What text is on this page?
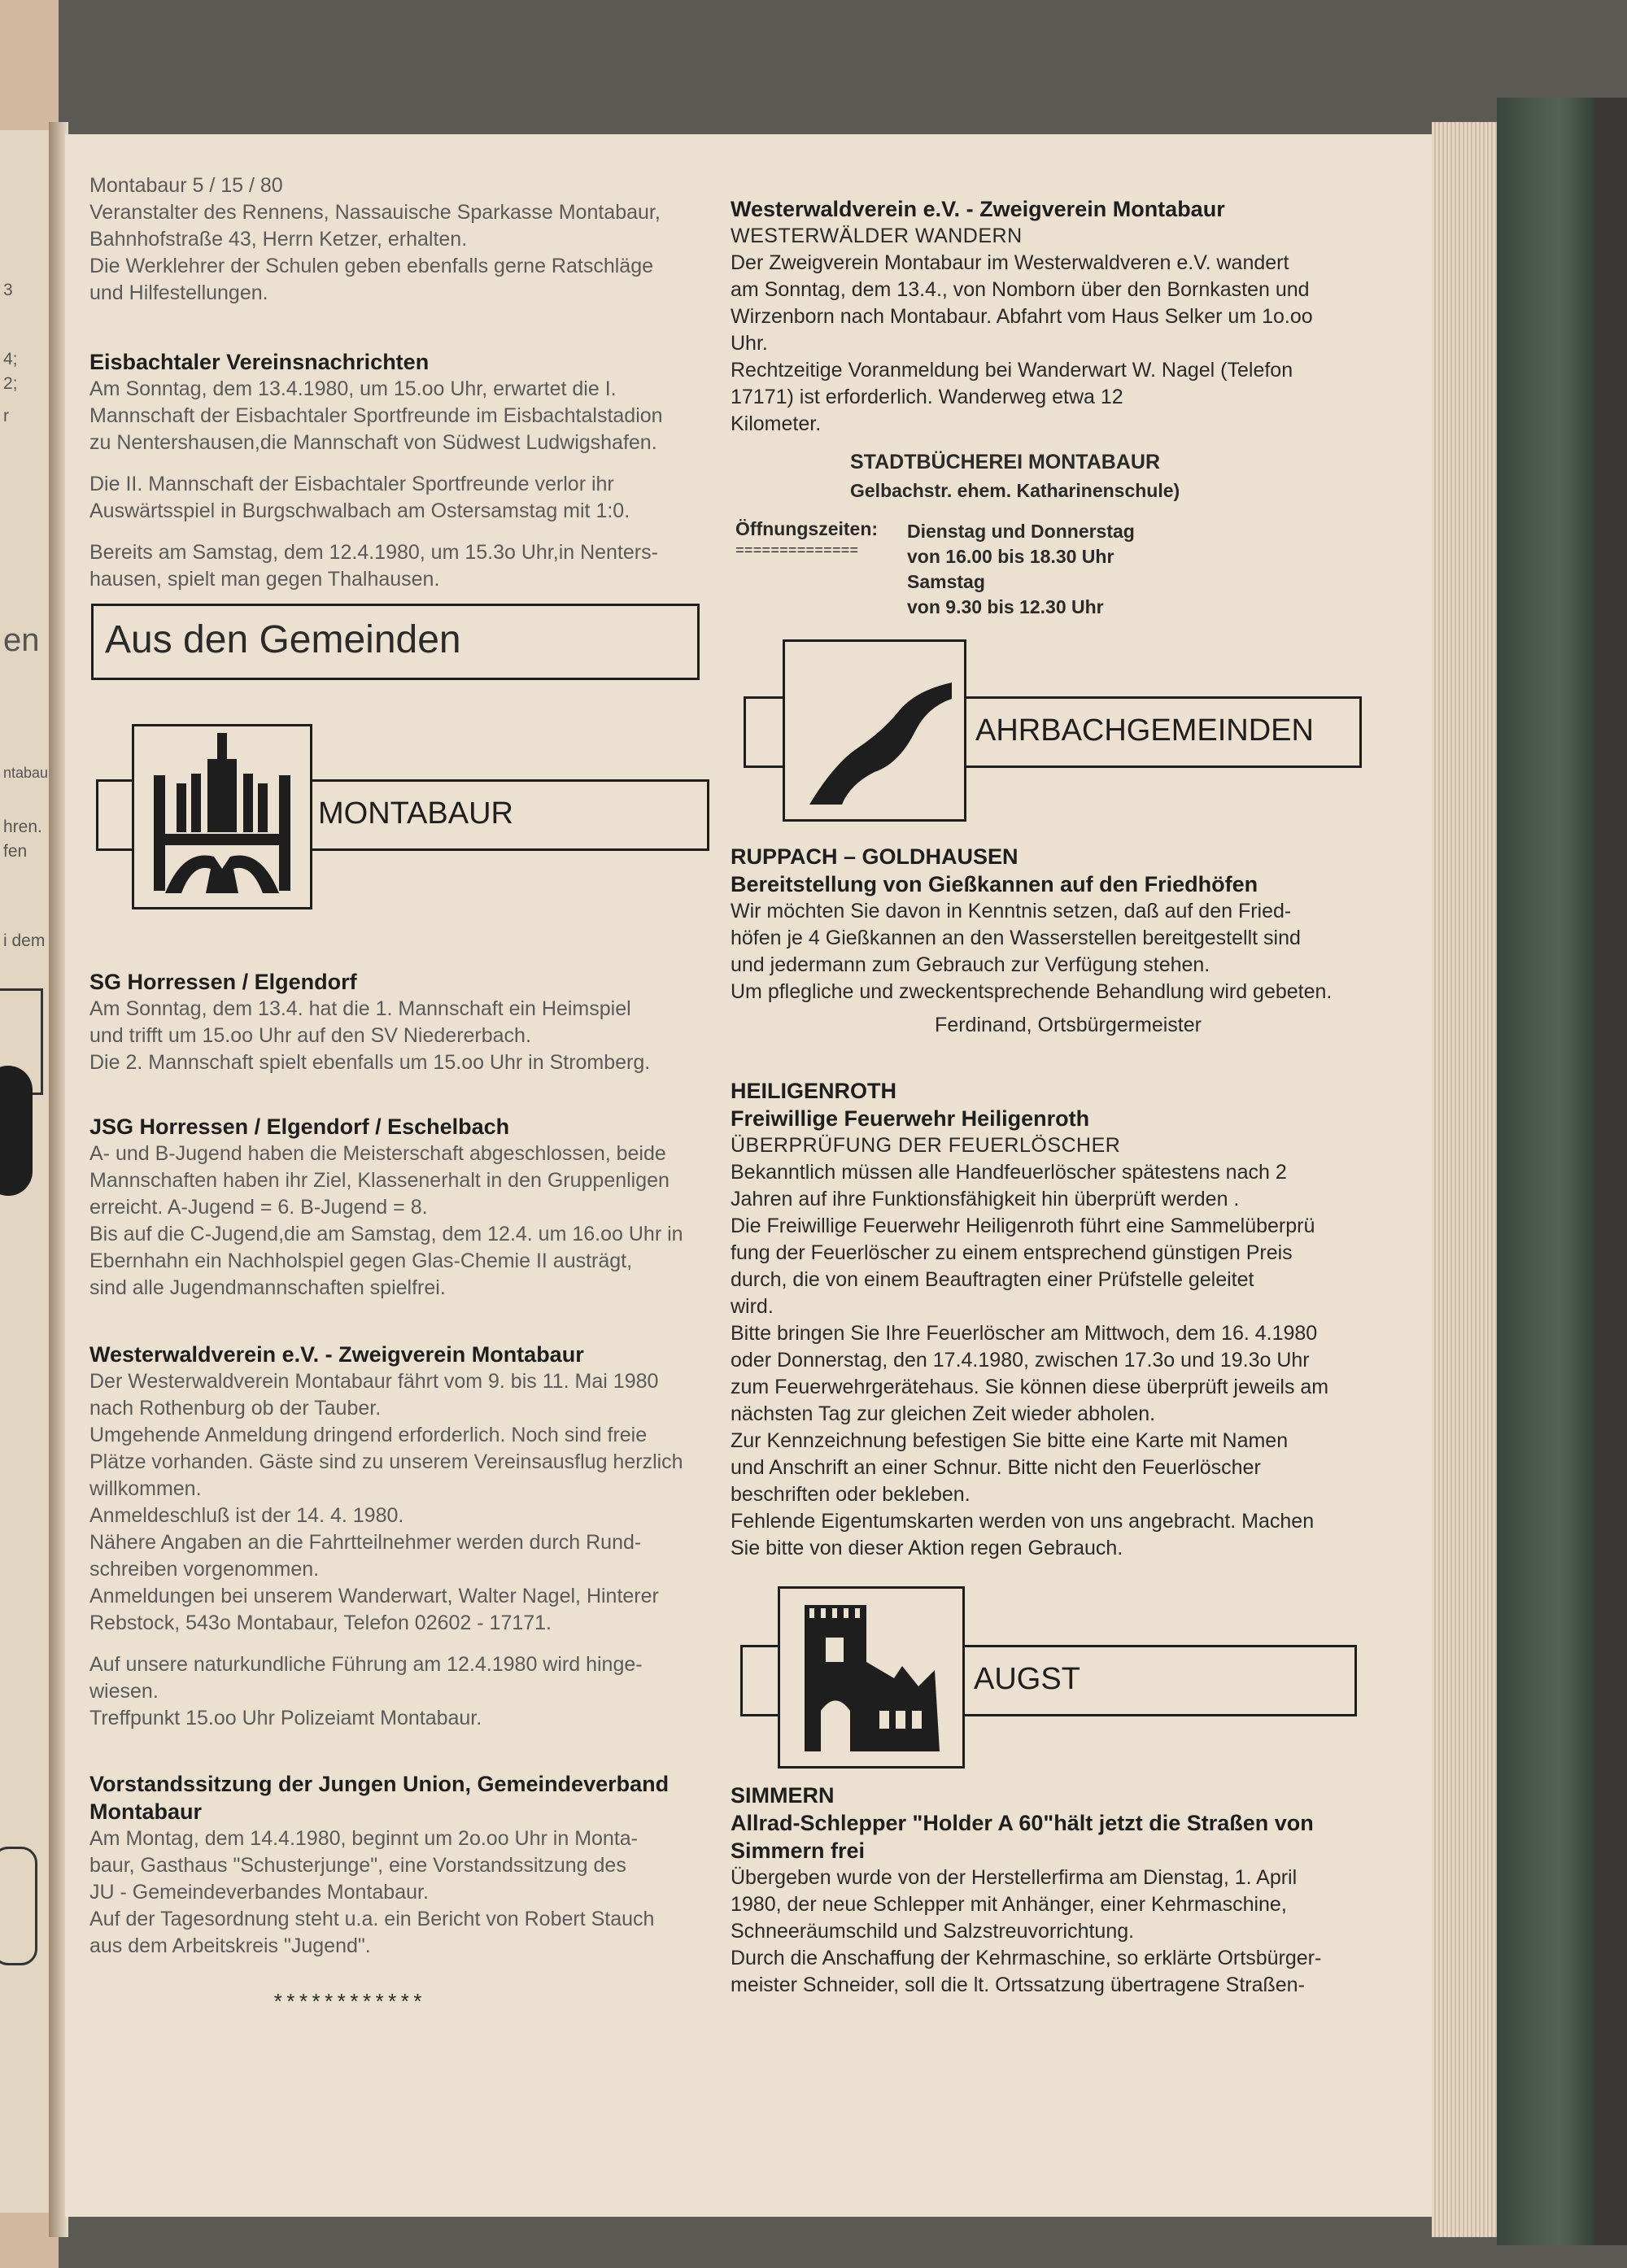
3
4;
2;
r
en
ntabau
hren.
fen
i dem

Montabaur 5 / 15 / 80

Veranstalter des Rennens, Nassauische Sparkasse Montabaur,

Bahnhofstraße 43, Herrn Ketzer, erhalten.

Die Werklehrer der Schulen geben ebenfalls gerne Ratschläge

und Hilfestellungen.

Eisbachtaler Vereinsnachrichten

Am Sonntag, dem 13.4.1980, um 15.oo Uhr, erwartet die I.

Mannschaft der Eisbachtaler Sportfreunde im Eisbachtalstadion

zu Nentershausen,die Mannschaft von Südwest Ludwigshafen.

Die II. Mannschaft der Eisbachtaler Sportfreunde verlor ihr

Auswärtsspiel in Burgschwalbach am Ostersamstag mit 1:0.

Bereits am Samstag, dem 12.4.1980, um 15.3o Uhr,in Nenters-

hausen, spielt man gegen Thalhausen.

Aus den Gemeinden
MONTABAUR

SG Horressen / Elgendorf

Am Sonntag, dem 13.4. hat die 1. Mannschaft ein Heimspiel

und trifft um 15.oo Uhr auf den SV Niedererbach.

Die 2. Mannschaft spielt ebenfalls um 15.oo Uhr in Stromberg.

JSG Horressen / Elgendorf / Eschelbach

A- und B-Jugend haben die Meisterschaft abgeschlossen, beide

Mannschaften haben ihr Ziel, Klassenerhalt in den Gruppenligen

erreicht. A-Jugend = 6. B-Jugend = 8.

Bis auf die C-Jugend,die am Samstag, dem 12.4. um 16.oo Uhr in

Ebernhahn ein Nachholspiel gegen Glas-Chemie II austrägt,

sind alle Jugendmannschaften spielfrei.

Westerwaldverein e.V. - Zweigverein Montabaur

Der Westerwaldverein Montabaur fährt vom 9. bis 11. Mai 1980

nach Rothenburg ob der Tauber.

Umgehende Anmeldung dringend erforderlich. Noch sind freie

Plätze vorhanden. Gäste sind zu unserem Vereinsausflug herzlich

willkommen.

Anmeldeschluß ist der 14. 4. 1980.

Nähere Angaben an die Fahrtteilnehmer werden durch Rund-

schreiben vorgenommen.

Anmeldungen bei unserem Wanderwart, Walter Nagel, Hinterer

Rebstock, 543o Montabaur, Telefon 02602 - 17171.

Auf unsere naturkundliche Führung am 12.4.1980 wird hinge-

wiesen.

Treffpunkt 15.oo Uhr Polizeiamt Montabaur.

Vorstandssitzung der Jungen Union, Gemeindeverband

Montabaur

Am Montag, dem 14.4.1980, beginnt um 2o.oo Uhr in Monta-

baur, Gasthaus "Schusterjunge", eine Vorstandssitzung des

JU - Gemeindeverbandes Montabaur.

Auf der Tagesordnung steht u.a. ein Bericht von Robert Stauch

aus dem Arbeitskreis "Jugend".

************

Westerwaldverein e.V. - Zweigverein Montabaur

WESTERWÄLDER WANDERN

Der Zweigverein Montabaur im Westerwaldveren e.V. wandert

am Sonntag, dem 13.4., von Nomborn über den Bornkasten und

Wirzenborn nach Montabaur. Abfahrt vom Haus Selker um 1o.oo

Uhr.

Rechtzeitige Voranmeldung bei Wanderwart W. Nagel (Telefon

17171) ist erforderlich. Wanderweg etwa 12

Kilometer.

STADTBÜCHEREI MONTABAUR

Gelbachstr. ehem. Katharinenschule)

Öffnungszeiten:

==============

Dienstag und Donnerstag

von 16.00 bis 18.30 Uhr

Samstag

von 9.30 bis 12.30 Uhr

AHRBACHGEMEINDEN

RUPPACH – GOLDHAUSEN

Bereitstellung von Gießkannen auf den Friedhöfen

Wir möchten Sie davon in Kenntnis setzen, daß auf den Fried-

höfen je 4 Gießkannen an den Wasserstellen bereitgestellt sind

und jedermann zum Gebrauch zur Verfügung stehen.

Um pflegliche und zweckentsprechende Behandlung wird gebeten.

Ferdinand, Ortsbürgermeister

HEILIGENROTH

Freiwillige Feuerwehr Heiligenroth

ÜBERPRÜFUNG DER FEUERLÖSCHER

Bekanntlich müssen alle Handfeuerlöscher spätestens nach 2

Jahren auf ihre Funktionsfähigkeit hin überprüft werden .

Die Freiwillige Feuerwehr Heiligenroth führt eine Sammelüberprü

fung der Feuerlöscher zu einem entsprechend günstigen Preis

durch, die von einem Beauftragten einer Prüfstelle geleitet

wird.

Bitte bringen Sie Ihre Feuerlöscher am Mittwoch, dem 16. 4.1980

oder Donnerstag, den 17.4.1980, zwischen 17.3o und 19.3o Uhr

zum Feuerwehrgerätehaus. Sie können diese überprüft jeweils am

nächsten Tag zur gleichen Zeit wieder abholen.

Zur Kennzeichnung befestigen Sie bitte eine Karte mit Namen

und Anschrift an einer Schnur. Bitte nicht den Feuerlöscher

beschriften oder bekleben.

Fehlende Eigentumskarten werden von uns angebracht. Machen

Sie bitte von dieser Aktion regen Gebrauch.

AUGST

SIMMERN

Allrad-Schlepper "Holder A 60"hält jetzt die Straßen von

Simmern frei

Übergeben wurde von der Herstellerfirma am Dienstag, 1. April

1980, der neue Schlepper mit Anhänger, einer Kehrmaschine,

Schneeräumschild und Salzstreuvorrichtung.

Durch die Anschaffung der Kehrmaschine, so erklärte Ortsbürger-

meister Schneider, soll die lt. Ortssatzung übertragene Straßen-
